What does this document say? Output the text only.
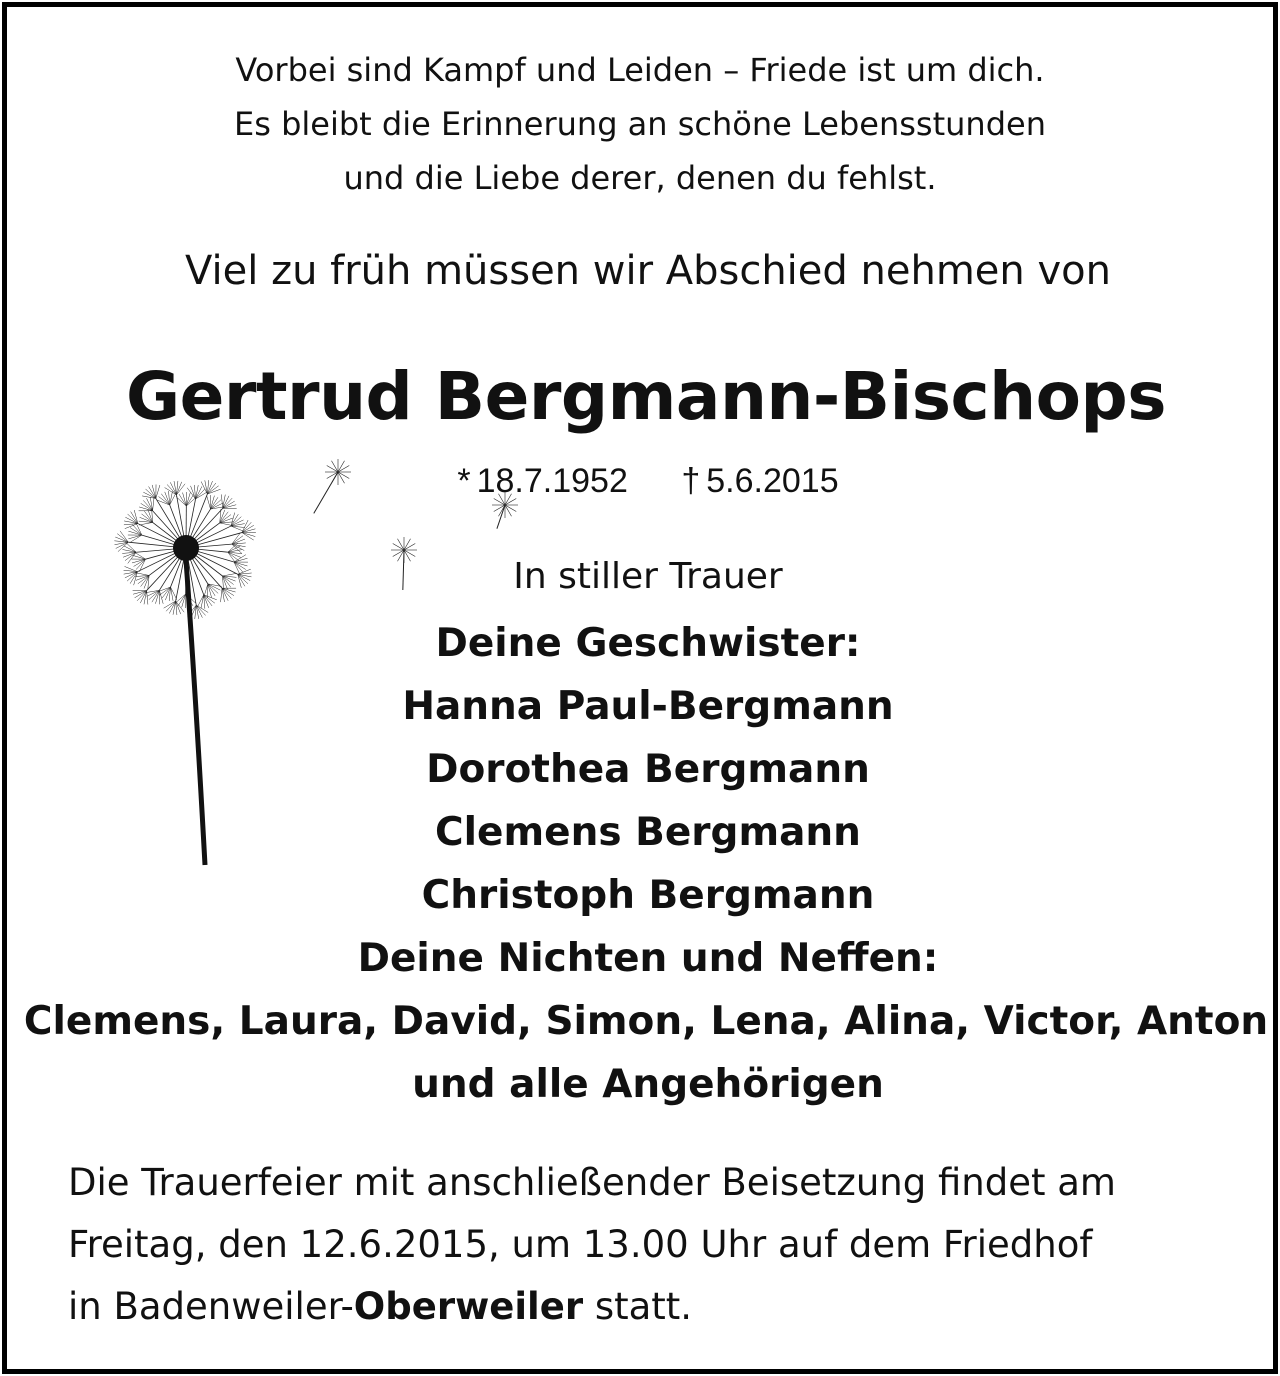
Vorbei sind Kampf und Leiden – Friede ist um dich.
Es bleibt die Erinnerung an schöne Lebensstunden
und die Liebe derer, denen du fehlst.
Viel zu früh müssen wir Abschied nehmen von
Gertrud Bergmann-Bischops
* 18.7.1952 † 5.6.2015
In stiller Trauer
Deine Geschwister:
Hanna Paul-Bergmann
Dorothea Bergmann
Clemens Bergmann
Christoph Bergmann
Deine Nichten und Neffen:
Clemens, Laura, David, Simon, Lena, Alina, Victor, Anton
und alle Angehörigen
Die Trauerfeier mit anschließender Beisetzung findet am
Freitag, den 12.6.2015, um 13.00 Uhr auf dem Friedhof
in Badenweiler-Oberweiler statt.
